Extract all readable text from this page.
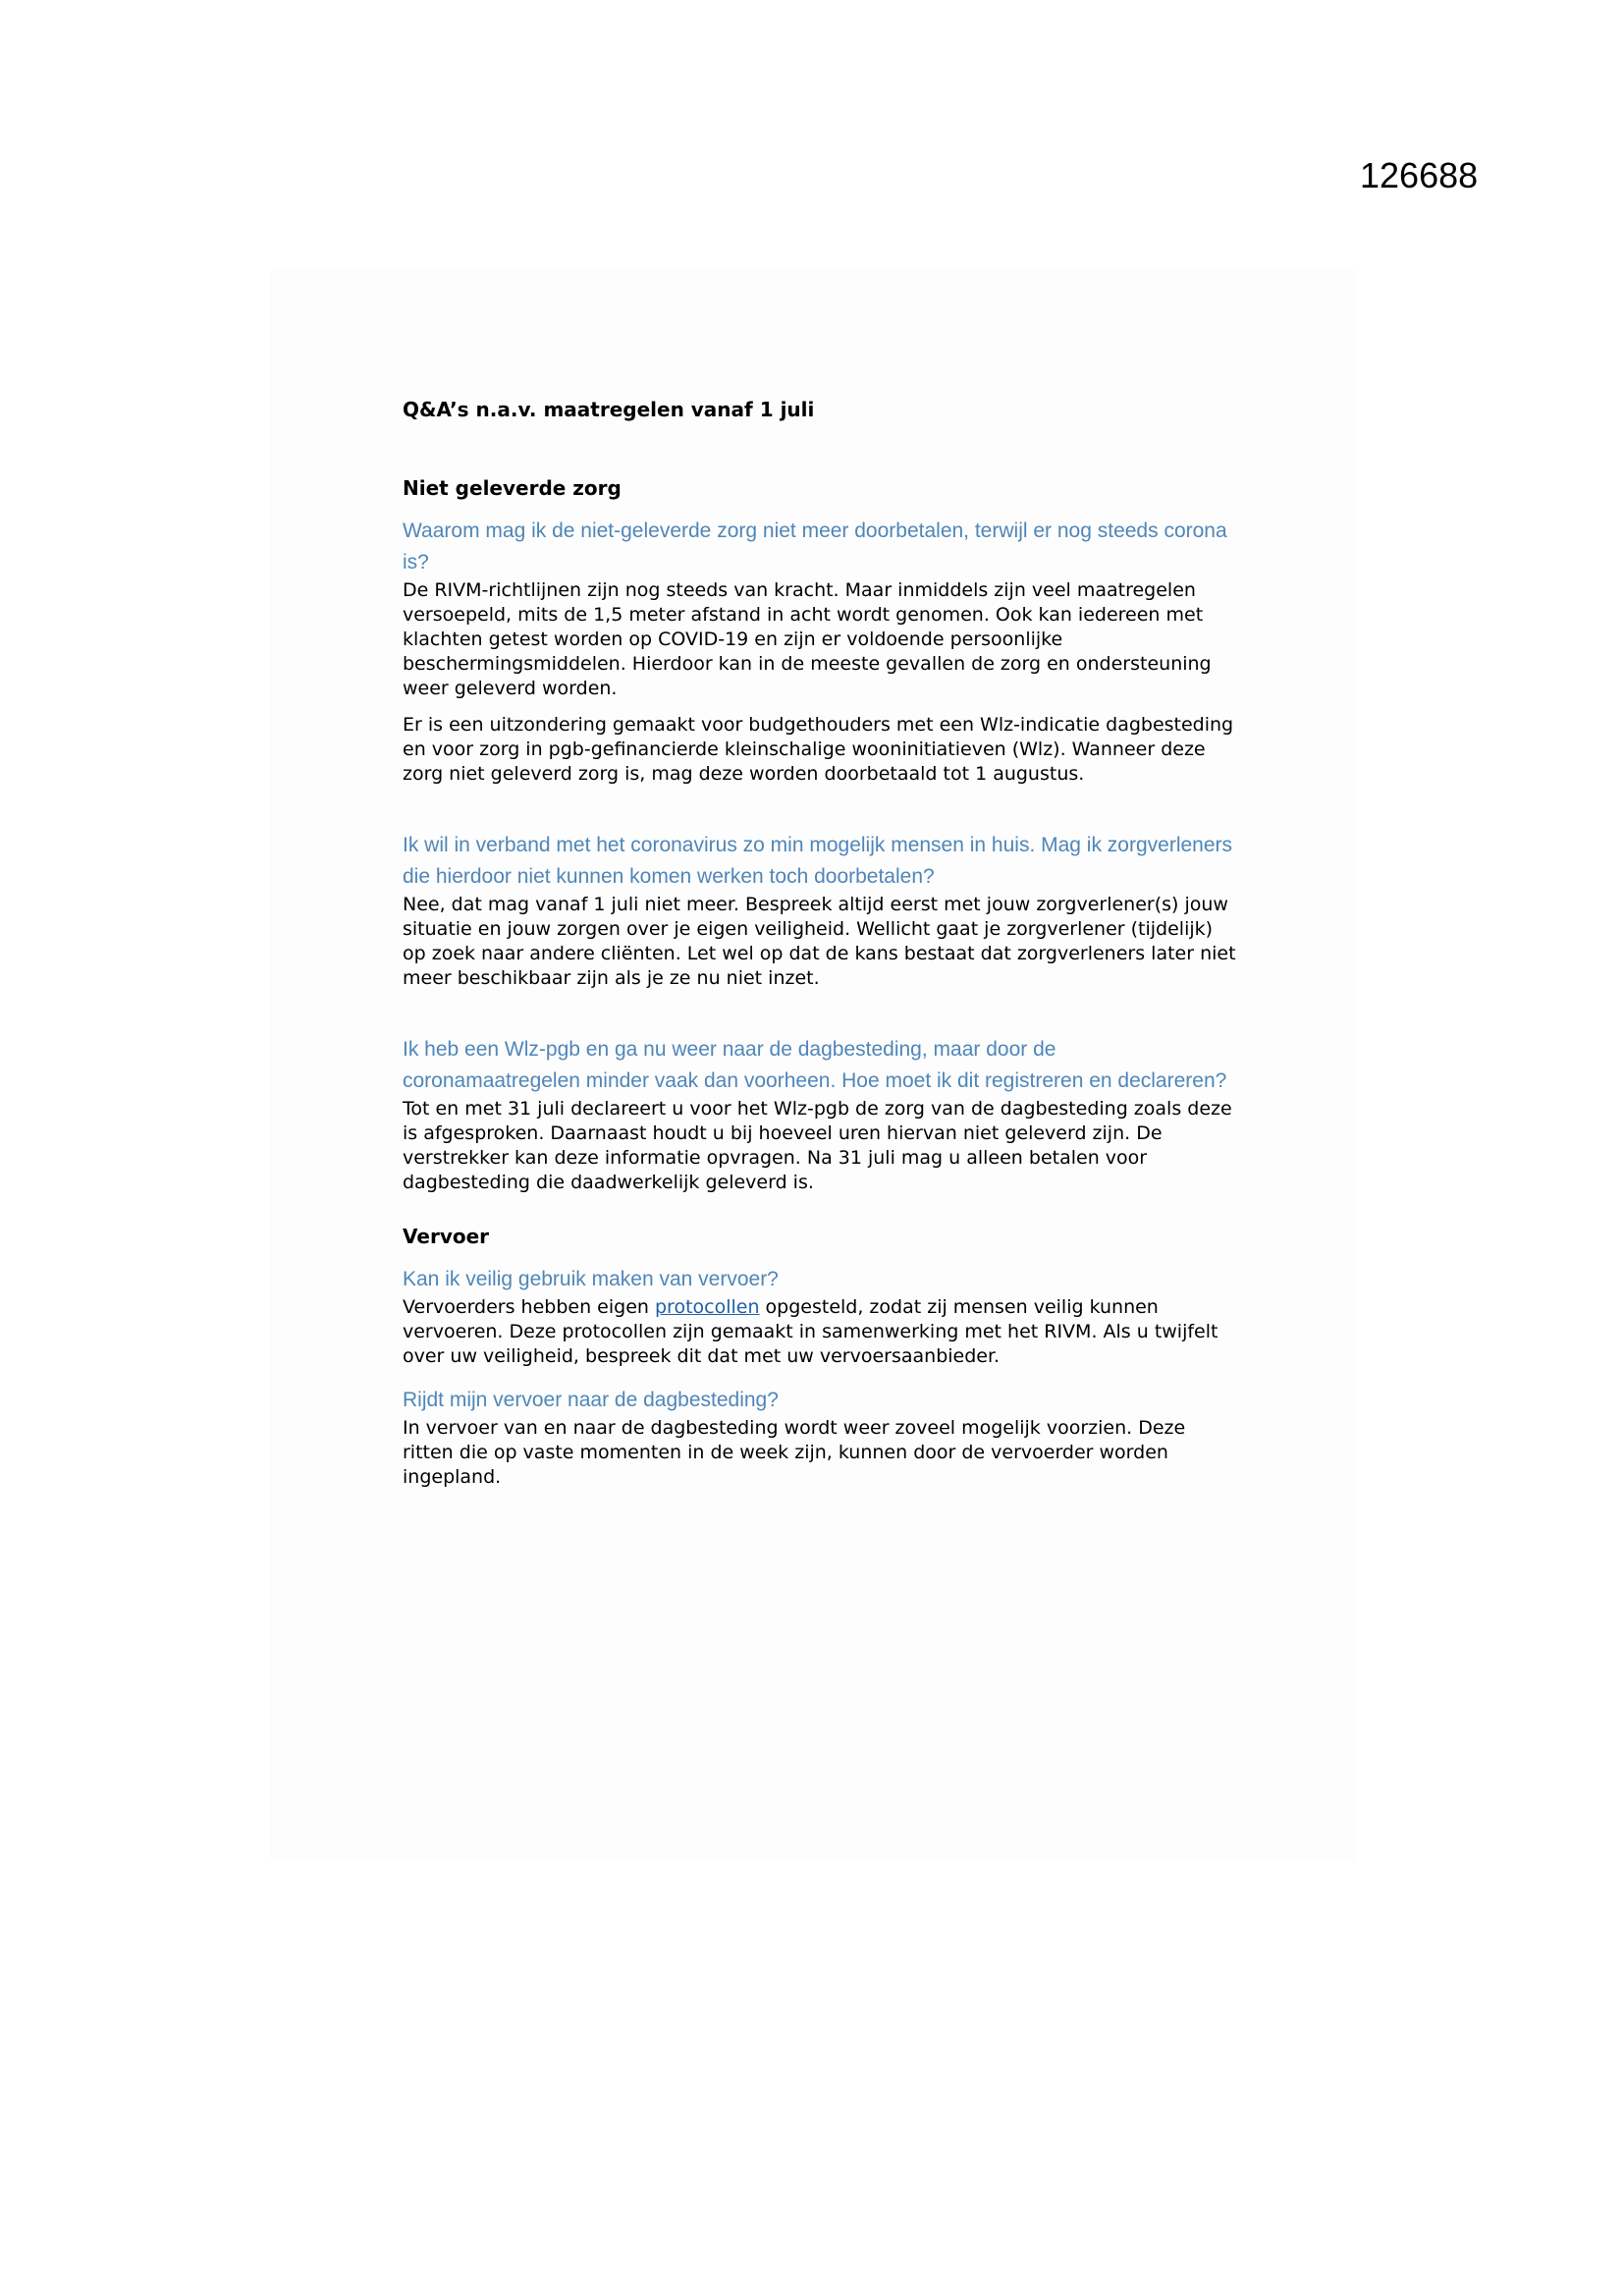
126688
Q&A’s n.a.v. maatregelen vanaf 1 juli
Niet geleverde zorg

Waarom mag ik de niet-geleverde zorg niet meer doorbetalen, terwijl er nog steeds corona is?

De RIVM-richtlijnen zijn nog steeds van kracht. Maar inmiddels zijn veel maatregelen versoepeld, mits de 1,5 meter afstand in acht wordt genomen. Ook kan iedereen met klachten getest worden op COVID-19 en zijn er voldoende persoonlijke beschermingsmiddelen. Hierdoor kan in de meeste gevallen de zorg en ondersteuning weer geleverd worden.

Er is een uitzondering gemaakt voor budgethouders met een Wlz-indicatie dagbesteding en voor zorg in pgb-gefinancierde kleinschalige wooninitiatieven (Wlz). Wanneer deze zorg niet geleverd zorg is, mag deze worden doorbetaald tot 1 augustus.

Ik wil in verband met het coronavirus zo min mogelijk mensen in huis. Mag ik zorgverleners die hierdoor niet kunnen komen werken toch doorbetalen?

Nee, dat mag vanaf 1 juli niet meer. Bespreek altijd eerst met jouw zorgverlener(s) jouw situatie en jouw zorgen over je eigen veiligheid. Wellicht gaat je zorgverlener (tijdelijk) op zoek naar andere cliënten. Let wel op dat de kans bestaat dat zorgverleners later niet meer beschikbaar zijn als je ze nu niet inzet.

Ik heb een Wlz-pgb en ga nu weer naar de dagbesteding, maar door de coronamaatregelen minder vaak dan voorheen. Hoe moet ik dit registreren en declareren?

Tot en met 31 juli declareert u voor het Wlz-pgb de zorg van de dagbesteding zoals deze is afgesproken. Daarnaast houdt u bij hoeveel uren hiervan niet geleverd zijn. De verstrekker kan deze informatie opvragen. Na 31 juli mag u alleen betalen voor dagbesteding die daadwerkelijk geleverd is.

Vervoer

Kan ik veilig gebruik maken van vervoer?

Vervoerders hebben eigen protocollen opgesteld, zodat zij mensen veilig kunnen vervoeren. Deze protocollen zijn gemaakt in samenwerking met het RIVM. Als u twijfelt over uw veiligheid, bespreek dit dat met uw vervoersaanbieder.

Rijdt mijn vervoer naar de dagbesteding?

In vervoer van en naar de dagbesteding wordt weer zoveel mogelijk voorzien. Deze ritten die op vaste momenten in de week zijn, kunnen door de vervoerder worden ingepland.
